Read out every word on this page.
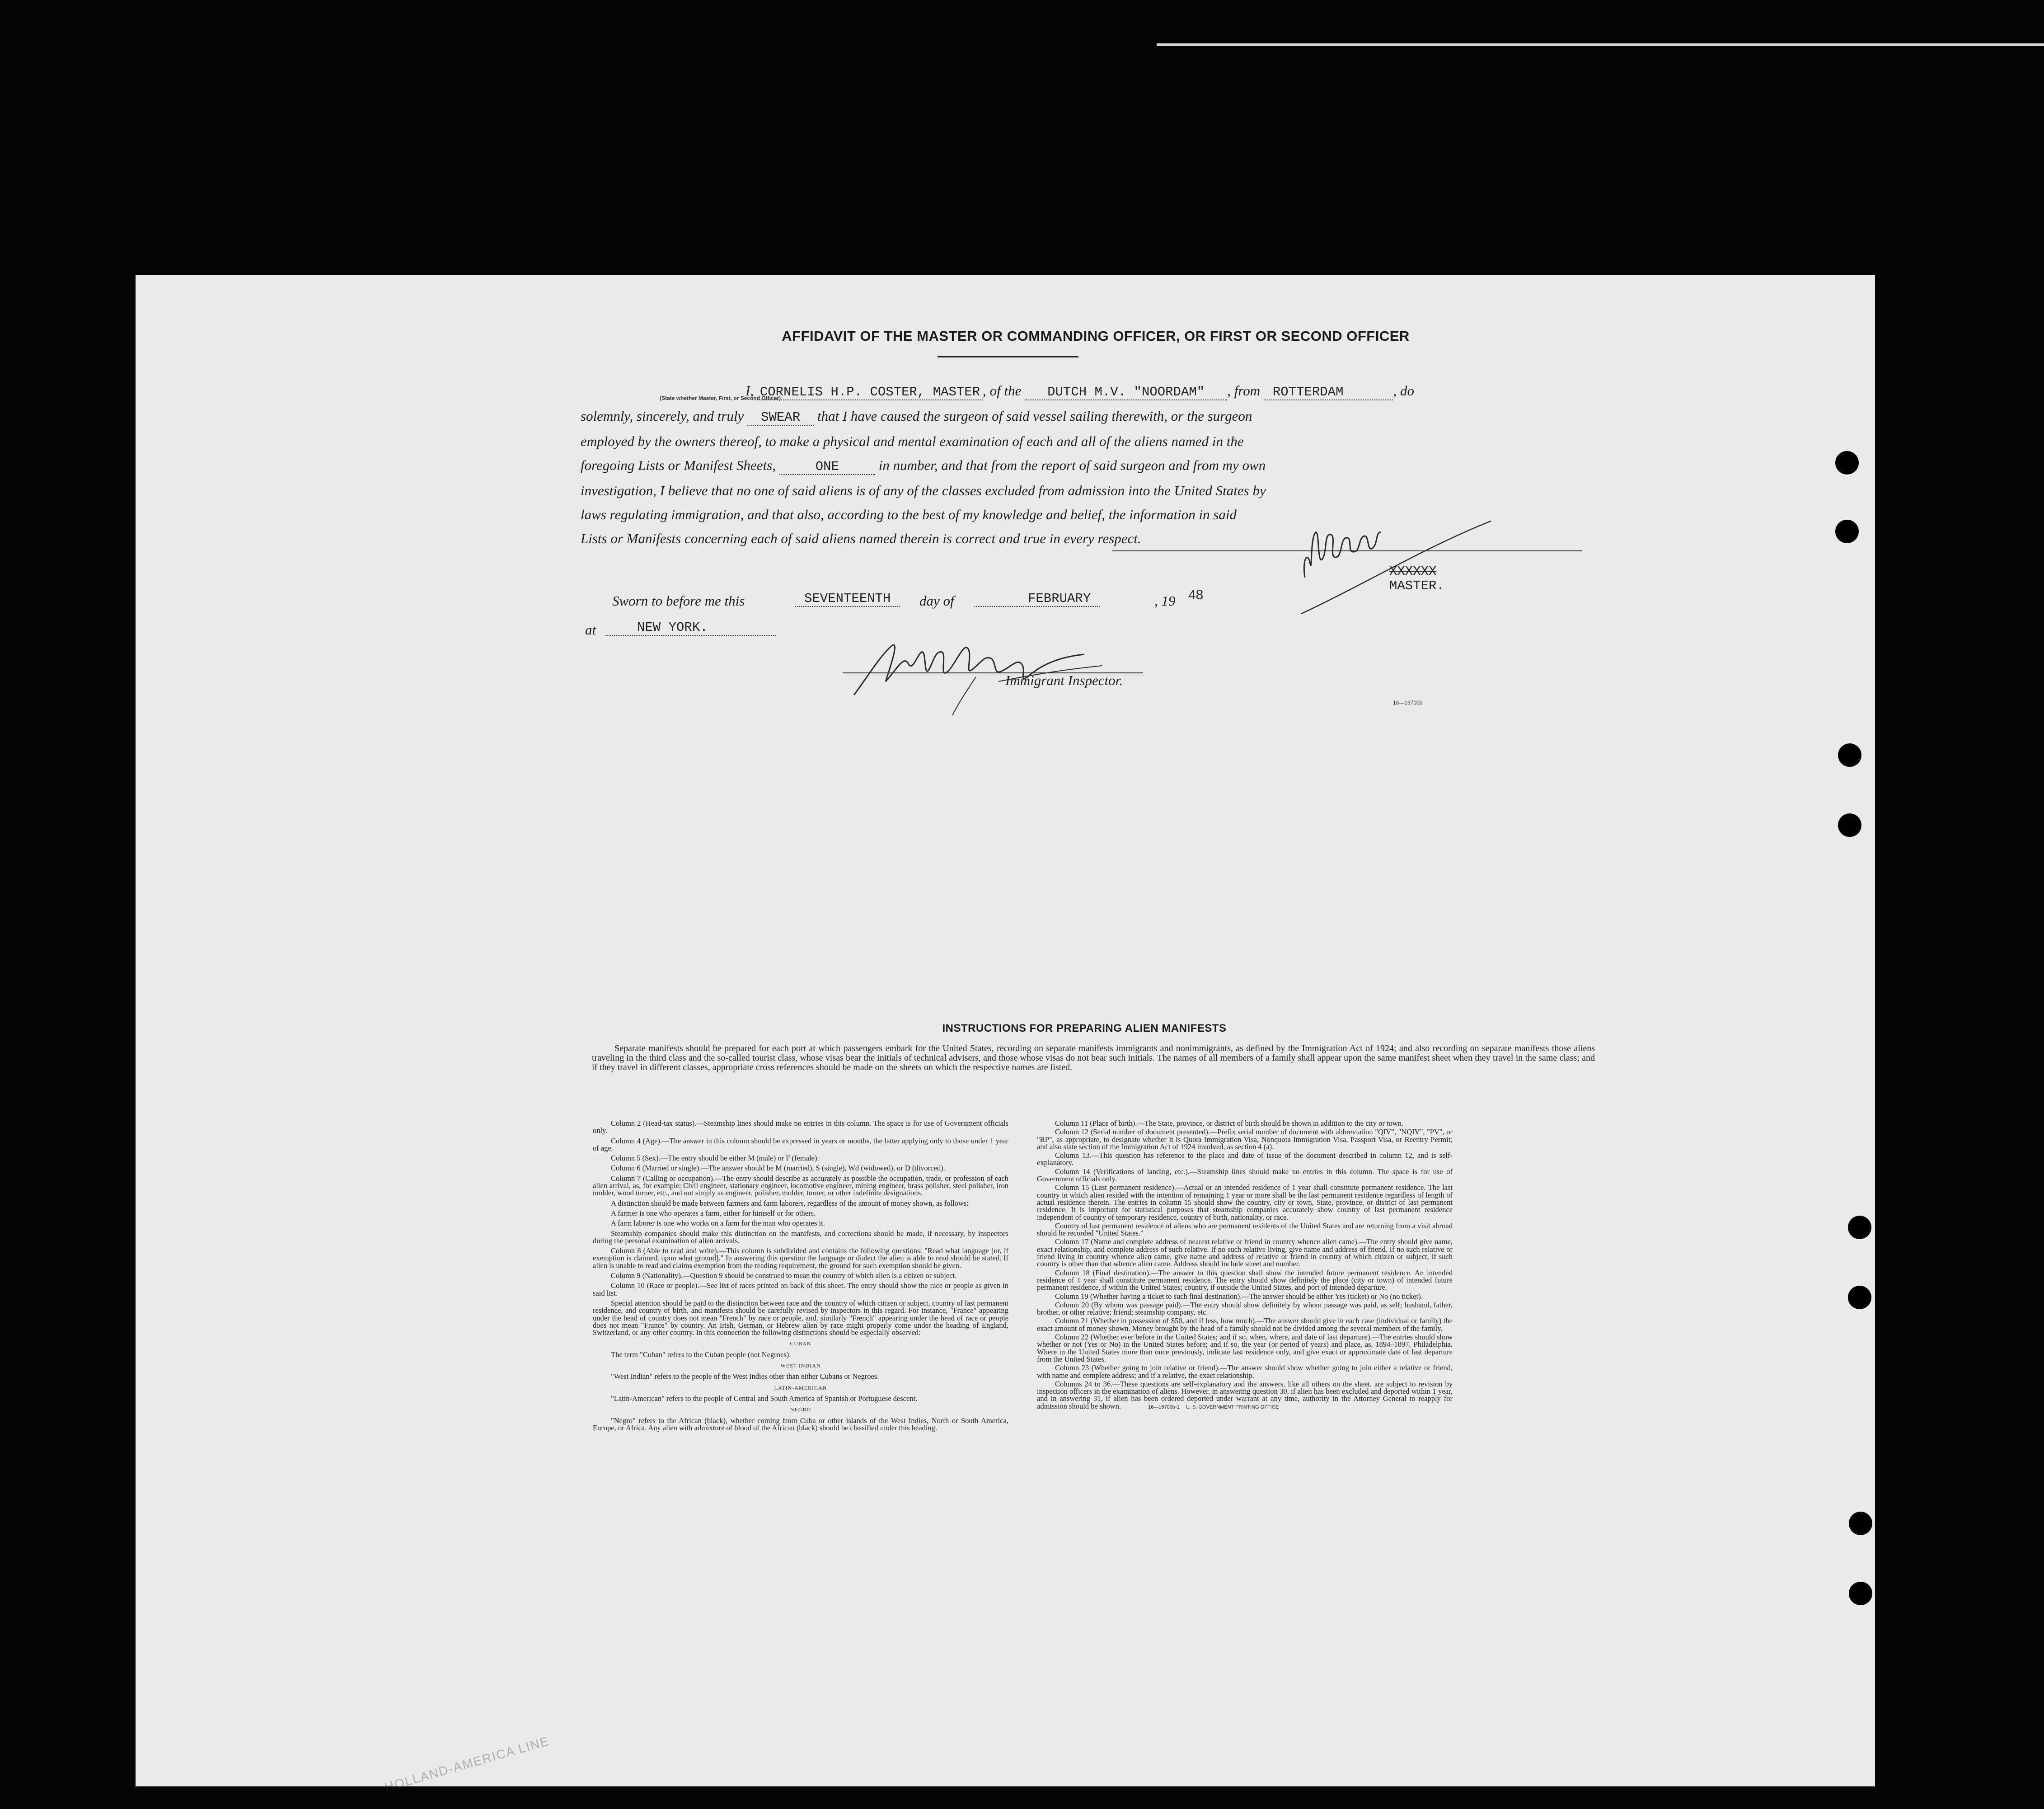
AFFIDAVIT OF THE MASTER OR COMMANDING OFFICER, OR FIRST OR SECOND OFFICER
I, CORNELIS H.P. COSTER, MASTER , of the DUTCH M.V. "NOORDAM" , from ROTTERDAM	, do
solemnly, sincerely, and truly SWEAR that I have caused the surgeon of said vessel sailing therewith, or the surgeon
employed by the owners thereof, to make a physical and mental examination of each and all of the aliens named in the
foregoing Lists or Manifest Sheets,	ONE	in number, and that from the report of said surgeon and from my own
investigation, I believe that no one of said aliens is of any of the classes excluded from admission into the United States by
laws regulating immigration, and that also, according to the best of my knowledge and belief, the information in said
Lists or Manifests concerning each of said aliens named therein is correct and true in every respect.
(State whether Master, First, or Second Officer)
XXXXXX
MASTER.
Sworn to before me this	SEVENTEENTH	day of	FEBRUARY	, 19 48
at	NEW YORK.
Immigrant Inspector.
16—16700b
INSTRUCTIONS FOR PREPARING ALIEN MANIFESTS
Separate manifests should be prepared for each port at which passengers embark for the United States, recording on separate manifests immigrants and nonimmigrants, as defined by the Immigration Act of 1924; and also recording on separate manifests those aliens traveling in the third class and the so-called tourist class, whose visas bear the initials of technical advisers, and those whose visas do not bear such initials. The names of all members of a family shall appear upon the same manifest sheet when they travel in the same class; and if they travel in different classes, appropriate cross references should be made on the sheets on which the respective names are listed.

Column 2 (Head-tax status).—Steamship lines should make no entries in this column. The space is for use of Government officials only.

Column 4 (Age).—The answer in this column should be expressed in years or months, the latter applying only to those under 1 year of age.

Column 5 (Sex).—The entry should be either M (male) or F (female).

Column 6 (Married or single).—The answer should be M (married), S (single), Wd (widowed), or D (divorced).

Column 7 (Calling or occupation).—The entry should describe as accurately as possible the occupation, trade, or profession of each alien arrival, as, for example: Civil engineer, stationary engineer, locomotive engineer, mining engineer, brass polisher, steel polisher, iron molder, wood turner, etc., and not simply as engineer, polisher, molder, turner, or other indefinite designations.

A distinction should be made between farmers and farm laborers, regardless of the amount of money shown, as follows:

A farmer is one who operates a farm, either for himself or for others.

A farm laborer is one who works on a farm for the man who operates it.

Steamship companies should make this distinction on the manifests, and corrections should be made, if necessary, by inspectors during the personal examination of alien arrivals.

Column 8 (Able to read and write).—This column is subdivided and contains the following questions: "Read what language [or, if exemption is claimed, upon what ground]." In answering this question the language or dialect the alien is able to read should be stated. If alien is unable to read and claims exemption from the reading requirement, the ground for such exemption should be given.

Column 9 (Nationality).—Question 9 should be construed to mean the country of which alien is a citizen or subject.

Column 10 (Race or people).—See list of races printed on back of this sheet. The entry should show the race or people as given in said list.

Special attention should be paid to the distinction between race and the country of which citizen or subject, country of last permanent residence, and country of birth, and manifests should be carefully revised by inspectors in this regard. For instance, "France" appearing under the head of country does not mean "French" by race or people, and, similarly "French" appearing under the head of race or people does not mean "France" by country. An Irish, German, or Hebrew alien by race might properly come under the heading of England, Switzerland, or any other country. In this connection the following distinctions should be especially observed:

CUBAN

The term "Cuban" refers to the Cuban people (not Negroes).

WEST INDIAN

"West Indian" refers to the people of the West Indies other than either Cubans or Negroes.

LATIN-AMERICAN

"Latin-American" refers to the people of Central and South America of Spanish or Portuguese descent.

NEGRO

"Negro" refers to the African (black), whether coming from Cuba or other islands of the West Indies, North or South America, Europe, or Africa. Any alien with admixture of blood of the African (black) should be classified under this heading.

Column 11 (Place of birth).—The State, province, or district of birth should be shown in addition to the city or town.

Column 12 (Serial number of document presented).—Prefix serial number of document with abbreviation "QIV", "NQIV", "PV", or "RP", as appropriate, to designate whether it is Quota Immigration Visa, Nonquota Immigration Visa, Passport Visa, or Reentry Permit; and also state section of the Immigration Act of 1924 involved, as section 4 (a).

Column 13.—This question has reference to the place and date of issue of the document described in column 12, and is self-explanatory.

Column 14 (Verifications of landing, etc.).—Steamship lines should make no entries in this column. The space is for use of Government officials only.

Column 15 (Last permanent residence).—Actual or an intended residence of 1 year shall constitute permanent residence. The last country in which alien resided with the intention of remaining 1 year or more shall be the last permanent residence regardless of length of actual residence therein. The entries in column 15 should show the country, city or town, State, province, or district of last permanent residence. It is important for statistical purposes that steamship companies accurately show country of last permanent residence independent of country of temporary residence, country of birth, nationality, or race.

Country of last permanent residence of aliens who are permanent residents of the United States and are returning from a visit abroad should be recorded "United States."

Column 17 (Name and complete address of nearest relative or friend in country whence alien came).—The entry should give name, exact relationship, and complete address of such relative. If no such relative living, give name and address of friend. If no such relative or friend living in country whence alien came, give name and address of relative or friend in country of which citizen or subject, if such country is other than that whence alien came. Address should include street and number.

Column 18 (Final destination).—The answer to this question shall show the intended future permanent residence. An intended residence of 1 year shall constitute permanent residence. The entry should show definitely the place (city or town) of intended future permanent residence, if within the United States; country, if outside the United States, and port of intended departure.

Column 19 (Whether having a ticket to such final destination).—The answer should be either Yes (ticket) or No (no ticket).

Column 20 (By whom was passage paid).—The entry should show definitely by whom passage was paid, as self; husband, father, brother, or other relative; friend; steamship company, etc.

Column 21 (Whether in possession of $50, and if less, how much).—The answer should give in each case (individual or family) the exact amount of money shown. Money brought by the head of a family should not be divided among the several members of the family.

Column 22 (Whether ever before in the United States; and if so, when, where, and date of last departure).—The entries should show whether or not (Yes or No) in the United States before; and if so, the year (or period of years) and place, as, 1894–1897, Philadelphia. Where in the United States more than once previously, indicate last residence only, and give exact or approximate date of last departure from the United States.

Column 23 (Whether going to join relative or friend).—The answer should show whether going to join either a relative or friend, with name and complete address; and if a relative, the exact relationship.

Columns 24 to 36.—These questions are self-explanatory and the answers, like all others on the sheet, are subject to revision by inspection officers in the examination of aliens. However, in answering question 30, if alien has been excluded and deported within 1 year, and in answering 31, if alien has been ordered deported under warrant at any time, authority in the Attorney General to reapply for admission should be shown.	16—16700b-1 U. S. GOVERNMENT PRINTING OFFICE

HOLLAND-AMERICA LINE
